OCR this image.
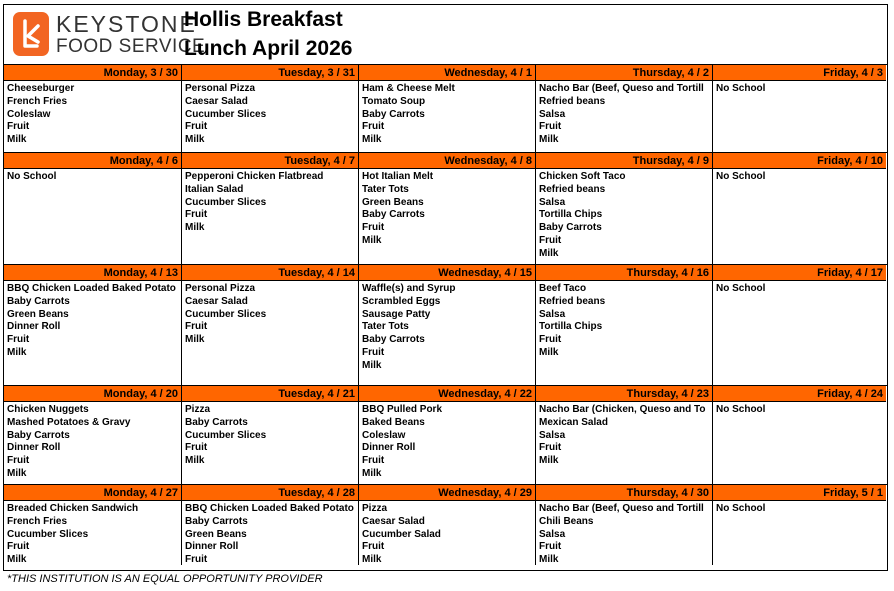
KEYSTONE
FOOD SERVICE
Hollis Breakfast
Lunch April 2026
Monday, 3 / 30
Cheeseburger
French Fries
Coleslaw
Fruit
Milk
Tuesday, 3 / 31
Personal Pizza
Caesar Salad
Cucumber Slices
Fruit
Milk
Wednesday, 4 / 1
Ham & Cheese Melt
Tomato Soup
Baby Carrots
Fruit
Milk
Thursday, 4 / 2
Nacho Bar (Beef, Queso and Tortill
Refried beans
Salsa
Fruit
Milk
Friday, 4 / 3
No School
Monday, 4 / 6
No School
Tuesday, 4 / 7
Pepperoni Chicken Flatbread
Italian Salad
Cucumber Slices
Fruit
Milk
Wednesday, 4 / 8
Hot Italian Melt
Tater Tots
Green Beans
Baby Carrots
Fruit
Milk
Thursday, 4 / 9
Chicken Soft Taco
Refried beans
Salsa
Tortilla Chips
Baby Carrots
Fruit
Milk
Friday, 4 / 10
No School
Monday, 4 / 13
BBQ Chicken Loaded Baked Potato
Baby Carrots
Green Beans
Dinner Roll
Fruit
Milk
Tuesday, 4 / 14
Personal Pizza
Caesar Salad
Cucumber Slices
Fruit
Milk
Wednesday, 4 / 15
Waffle(s) and Syrup
Scrambled Eggs
Sausage Patty
Tater Tots
Baby Carrots
Fruit
Milk
Thursday, 4 / 16
Beef Taco
Refried beans
Salsa
Tortilla Chips
Fruit
Milk
Friday, 4 / 17
No School
Monday, 4 / 20
Chicken Nuggets
Mashed Potatoes & Gravy
Baby Carrots
Dinner Roll
Fruit
Milk
Tuesday, 4 / 21
Pizza
Baby Carrots
Cucumber Slices
Fruit
Milk
Wednesday, 4 / 22
BBQ Pulled Pork
Baked Beans
Coleslaw
Dinner Roll
Fruit
Milk
Thursday, 4 / 23
Nacho Bar (Chicken, Queso and To
Mexican Salad
Salsa
Fruit
Milk
Friday, 4 / 24
No School
Monday, 4 / 27
Breaded Chicken Sandwich
French Fries
Cucumber Slices
Fruit
Milk
Tuesday, 4 / 28
BBQ Chicken Loaded Baked Potato
Baby Carrots
Green Beans
Dinner Roll
Fruit
Wednesday, 4 / 29
Pizza
Caesar Salad
Cucumber Salad
Fruit
Milk
Thursday, 4 / 30
Nacho Bar (Beef, Queso and Tortill
Chili Beans
Salsa
Fruit
Milk
Friday, 5 / 1
No School
*THIS INSTITUTION IS AN EQUAL OPPORTUNITY PROVIDER
